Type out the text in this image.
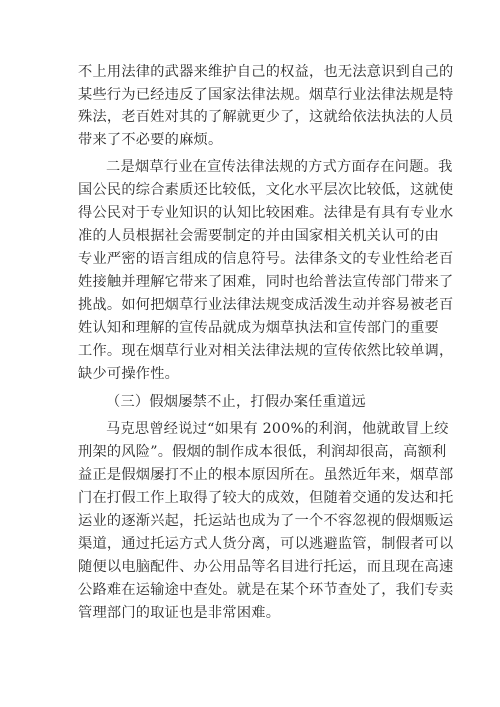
不上用法律的武器来维护自己的权益，也无法意识到自己的
某些行为已经违反了国家法律法规。烟草行业法律法规是特
殊法，老百姓对其的了解就更少了，这就给依法执法的人员
带来了不必要的麻烦。
二是烟草行业在宣传法律法规的方式方面存在问题。我
国公民的综合素质还比较低，文化水平层次比较低，这就使
得公民对于专业知识的认知比较困难。法律是有具有专业水
准的人员根据社会需要制定的并由国家相关机关认可的由
专业严密的语言组成的信息符号。法律条文的专业性给老百
姓接触并理解它带来了困难，同时也给普法宣传部门带来了
挑战。如何把烟草行业法律法规变成活泼生动并容易被老百
姓认知和理解的宣传品就成为烟草执法和宣传部门的重要
工作。现在烟草行业对相关法律法规的宣传依然比较单调，
缺少可操作性。
（三）假烟屡禁不止，打假办案任重道远
马克思曾经说过“如果有 200%的利润，他就敢冒上绞
刑架的风险”。假烟的制作成本很低，利润却很高，高额利
益正是假烟屡打不止的根本原因所在。虽然近年来，烟草部
门在打假工作上取得了较大的成效，但随着交通的发达和托
运业的逐渐兴起，托运站也成为了一个不容忽视的假烟贩运
渠道，通过托运方式人货分离，可以逃避监管，制假者可以
随便以电脑配件、办公用品等名目进行托运，而且现在高速
公路难在运输途中查处。就是在某个环节查处了，我们专卖
管理部门的取证也是非常困难。
